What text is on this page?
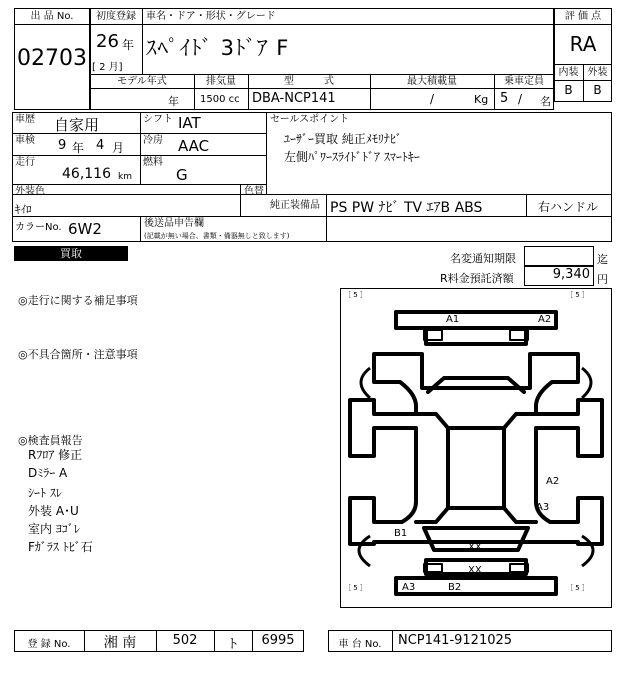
出 品 No.
02703
初度登録	車名・ドア・形状・グレード
26 年
[ 2 月]
ｽﾍﾟｲﾄﾞ 3ﾄﾞｱ F
モデル年式	排気量	型　　　式	最大積載量	乗車定員
年 1500 cc DBA-NCP141	/	Kg 5 / 名
評 価 点
RA
内装 外装
B	B
車歴 自家用
車検 9 年 4 月
走行
46,116 km
シフト IAT
冷房 AAC
燃料
G
セールスポイント
ﾕｰｻﾞｰ買取 純正ﾒﾓﾘﾅﾋﾞ
左側ﾊﾟﾜｰｽﾗｲﾄﾞﾄﾞｱ ｽﾏｰﾄｷｰ
外装色
ｷｲﾛ
色替
純正装備品 PS PW ﾅﾋﾞ TV ｴｱB ABS	右ハンドル
カラーNo. 6W2	後送品申告欄
(記載が無い場合、書類・備器無しと致します)
買取	名変通知期限	迄
R料金預託済額	9,340 円
◎走行に関する補足事項
◎不具合箇所・注意事項
◎検査員報告
Rﾌﾛｱ 修正
Dﾐﾗｰ A
ｼｰﾄ ｽﾚ
外装 A･U
室内 ﾖｺﾞﾚ
Fｶﾞﾗｽ ﾄﾋﾞ石
［ 5 ］	［ 5 ］
［ 5 ］	［ 5 ］
A1	A2
A2
A3
B1
XX
XX
A3	B2
登 録 No.	湘 南	502	ト	6995	車 台 No.	NCP141-9121025
